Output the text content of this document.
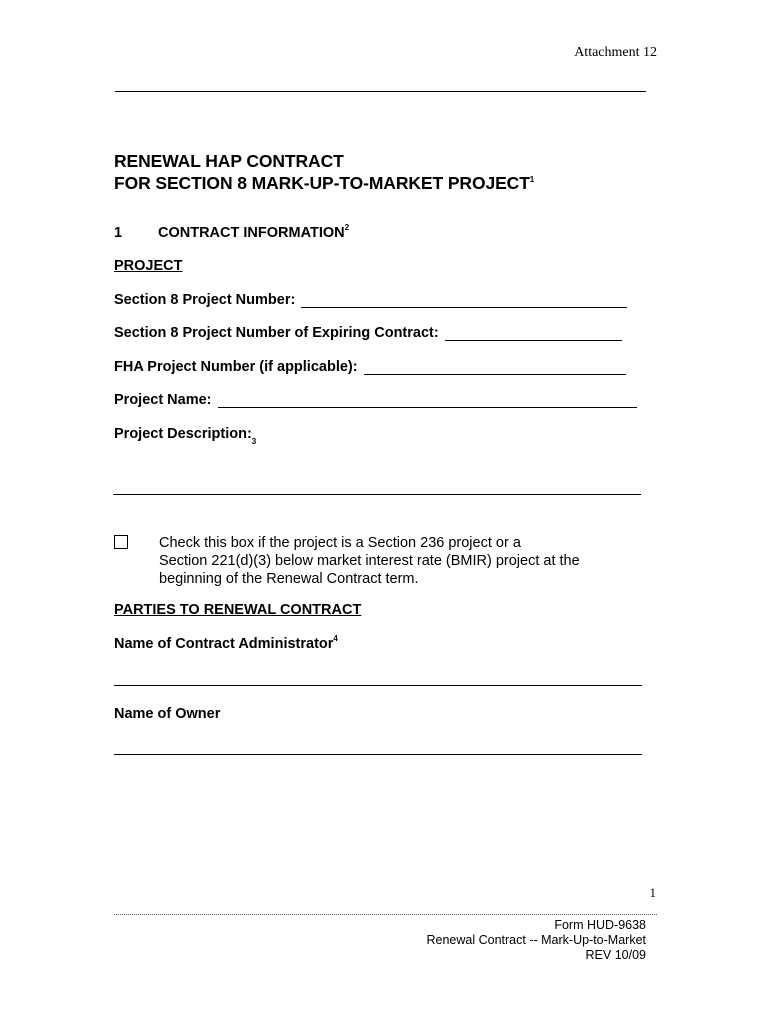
Attachment 12
RENEWAL HAP CONTRACT
FOR SECTION 8 MARK-UP-TO-MARKET PROJECT$^1$
1 CONTRACT INFORMATION$^2$
PROJECT
Section 8 Project Number:
Section 8 Project Number of Expiring Contract:
FHA Project Number (if applicable):
Project Name:
Project Description: 3
Check this box if the project is a Section 236 project or a
Section 221(d)(3) below market interest rate (BMIR) project at the
beginning of the Renewal Contract term.
PARTIES TO RENEWAL CONTRACT
Name of Contract Administrator$^4$
Name of Owner
1
Form HUD-9638
Renewal Contract -- Mark-Up-to-Market
REV 10/09
